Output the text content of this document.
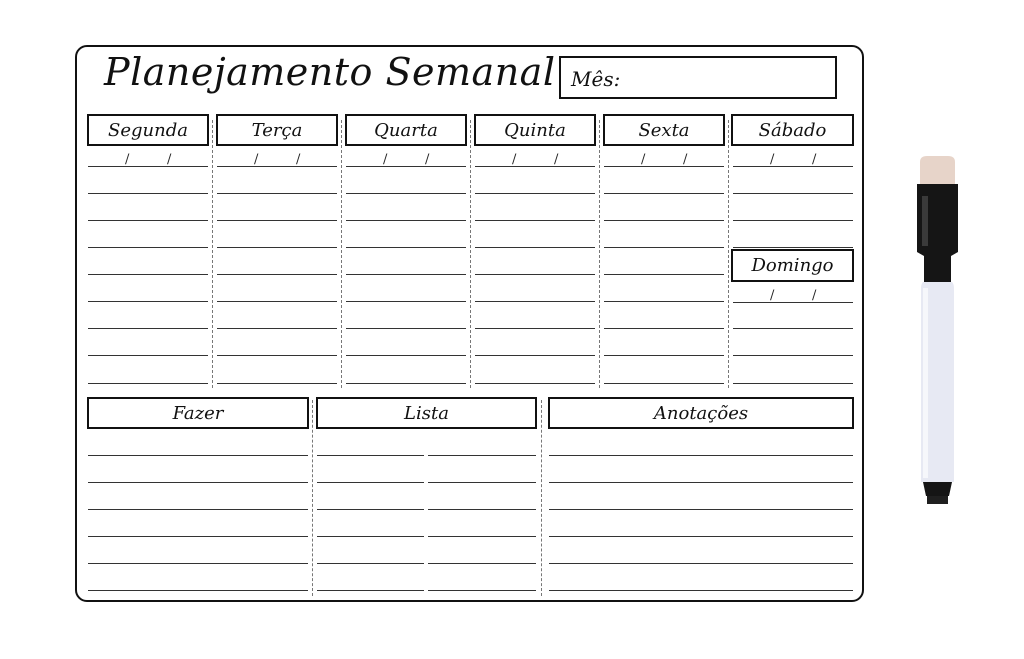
Planejamento Semanal Mês:
Segunda	Terça	Quarta	Quinta	Sexta	Sábado
Domingo
Fazer	Lista	Anotações
/	/	/	/	/	/	/	/	/	/	/	/
/	/
